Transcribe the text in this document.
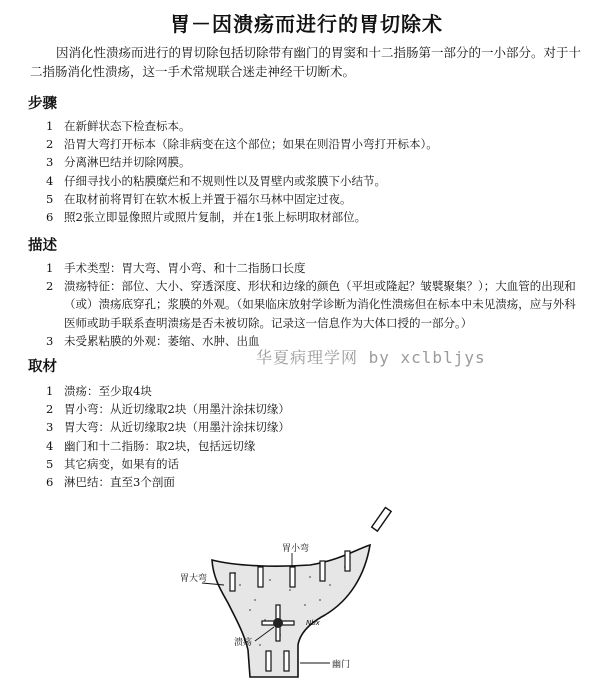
胃－因溃疡而进行的胃切除术
因消化性溃疡而进行的胃切除包括切除带有幽门的胃窦和十二指肠第一部分的一小部分。对于十二指肠消化性溃疡，这一手术常规联合迷走神经干切断术。
步骤
1 在新鲜状态下检查标本。
2 沿胃大弯打开标本（除非病变在这个部位；如果在则沿胃小弯打开标本）。
3 分离淋巴结并切除网膜。
4 仔细寻找小的粘膜糜烂和不规则性以及胃壁内或浆膜下小结节。
5 在取材前将胃钉在软木板上并置于福尔马林中固定过夜。
6 照2张立即显像照片或照片复制，并在1张上标明取材部位。
描述
1 手术类型：胃大弯、胃小弯、和十二指肠口长度
2 溃疡特征：部位、大小、穿透深度、形状和边缘的颜色（平坦或隆起？皱襞聚集？）；大血管的出现和（或）溃疡底穿孔；浆膜的外观。（如果临床放射学诊断为消化性溃疡但在标本中未见溃疡，应与外科医师或助手联系查明溃疡是否未被切除。记录这一信息作为大体口授的一部分。）
3 未受累粘膜的外观：萎缩、水肿、出血
华夏病理学网 by xclbljys
取材
1 溃疡：至少取4块
2 胃小弯：从近切缘取2块（用墨汁涂抹切缘）
3 胃大弯：从近切缘取2块（用墨汁涂抹切缘）
4 幽门和十二指肠：取2块，包括远切缘
5 其它病变，如果有的话
6 淋巴结：直至3个剖面
胃小弯
胃大弯
溃疡
幽门
Nbx
